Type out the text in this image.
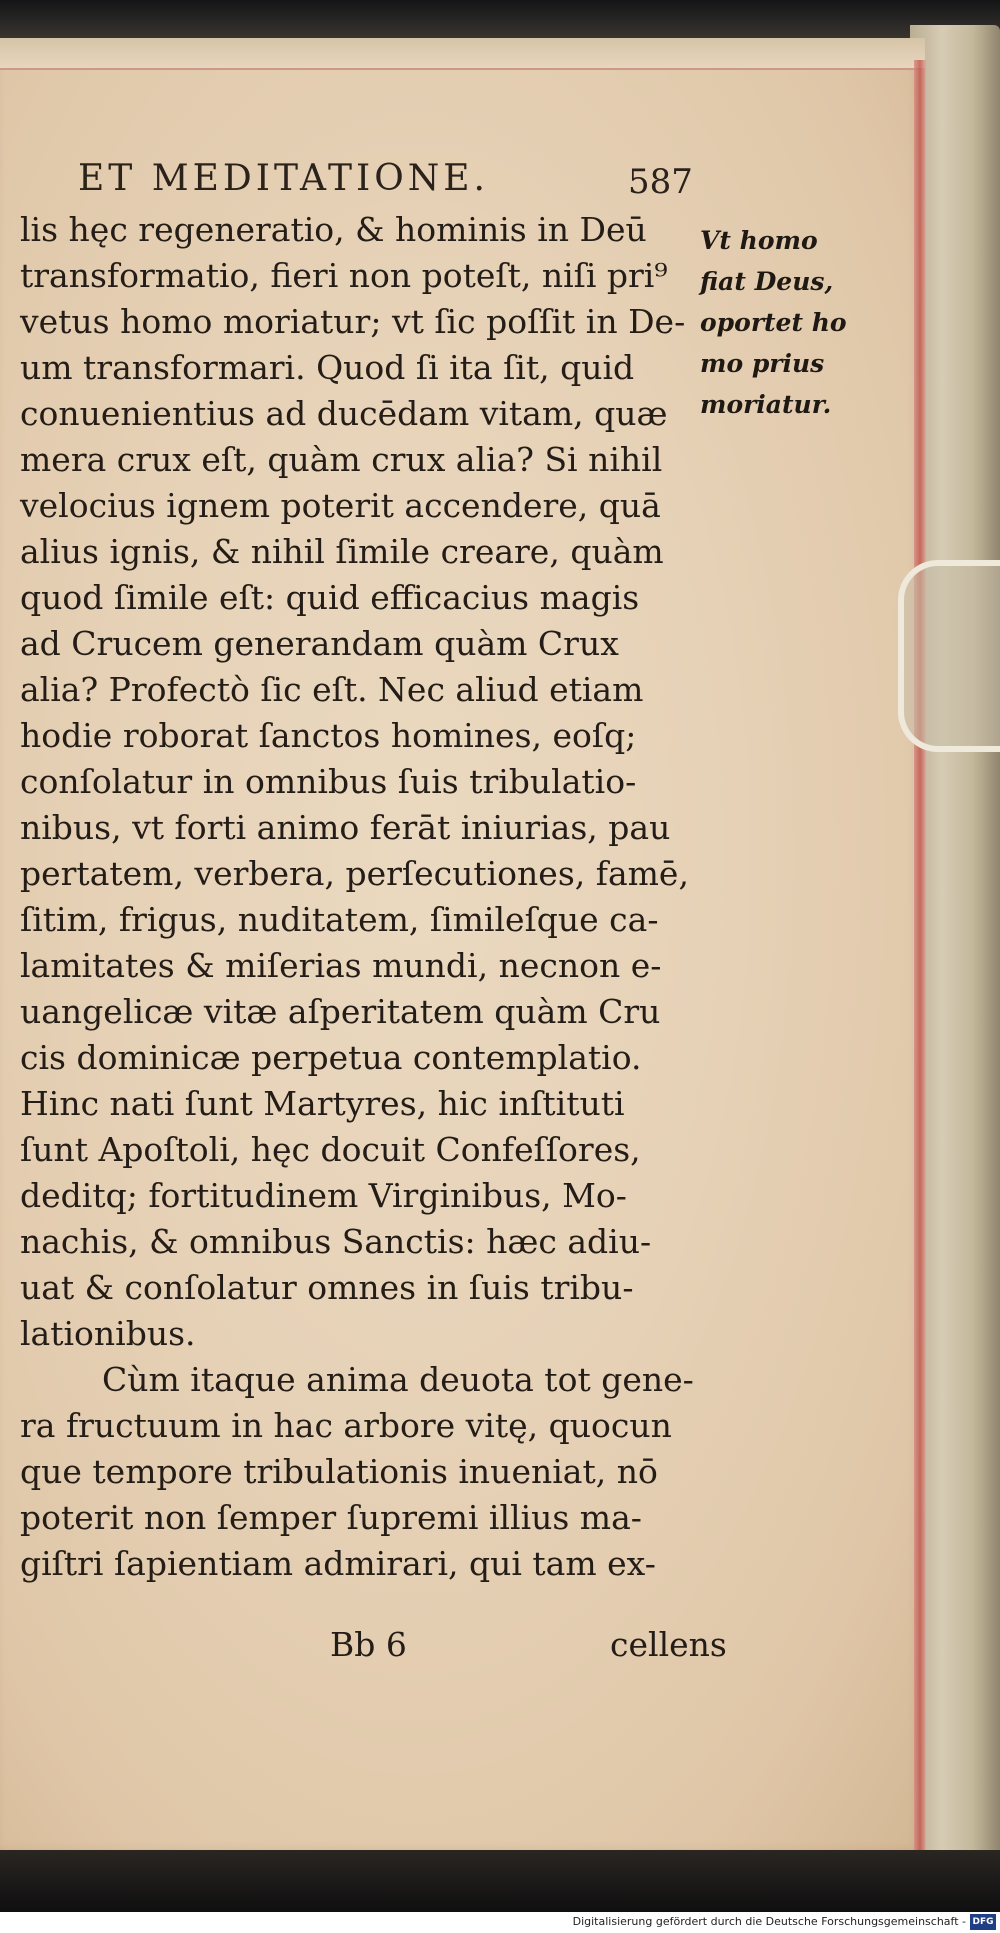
ET MEDITATIONE.	587
lis hęc regeneratio, & hominis in Deū
transformatio, fieri non poteſt, niſi pri⁹
vetus homo moriatur; vt ſic poſſit in De-
um transformari. Quod ſi ita ſit, quid
conuenientius ad ducēdam vitam, quæ
mera crux eſt, quàm crux alia? Si nihil
velocius ignem poterit accendere, quā
alius ignis, & nihil ſimile creare, quàm
quod ſimile eſt: quid efficacius magis
ad Crucem generandam quàm Crux
alia? Profectò ſic eſt. Nec aliud etiam
hodie roborat ſanctos homines, eoſq;
conſolatur in omnibus ſuis tribulatio-
nibus, vt forti animo ferāt iniurias, pau
pertatem, verbera, perſecutiones, famē,
ſitim, frigus, nuditatem, ſimileſque ca-
lamitates & miſerias mundi, necnon e-
uangelicæ vitæ aſperitatem quàm Cru
cis dominicæ perpetua contemplatio.
Hinc nati ſunt Martyres, hic inſtituti
ſunt Apoſtoli, hęc docuit Confeſſores,
deditq; fortitudinem Virginibus, Mo-
nachis, & omnibus Sanctis: hæc adiu-
uat & conſolatur omnes in ſuis tribu-
lationibus.
Cùm itaque anima deuota tot gene-
ra fructuum in hac arbore vitę, quocun
que tempore tribulationis inueniat, nō
poterit non ſemper ſupremi illius ma-
giſtri ſapientiam admirari, qui tam ex-
Vt homo
fiat Deus,
oportet ho
mo prius
moriatur.
Bb 6	cellens
Digitalisierung gefördert durch die Deutsche Forschungsgemeinschaft - DFG
